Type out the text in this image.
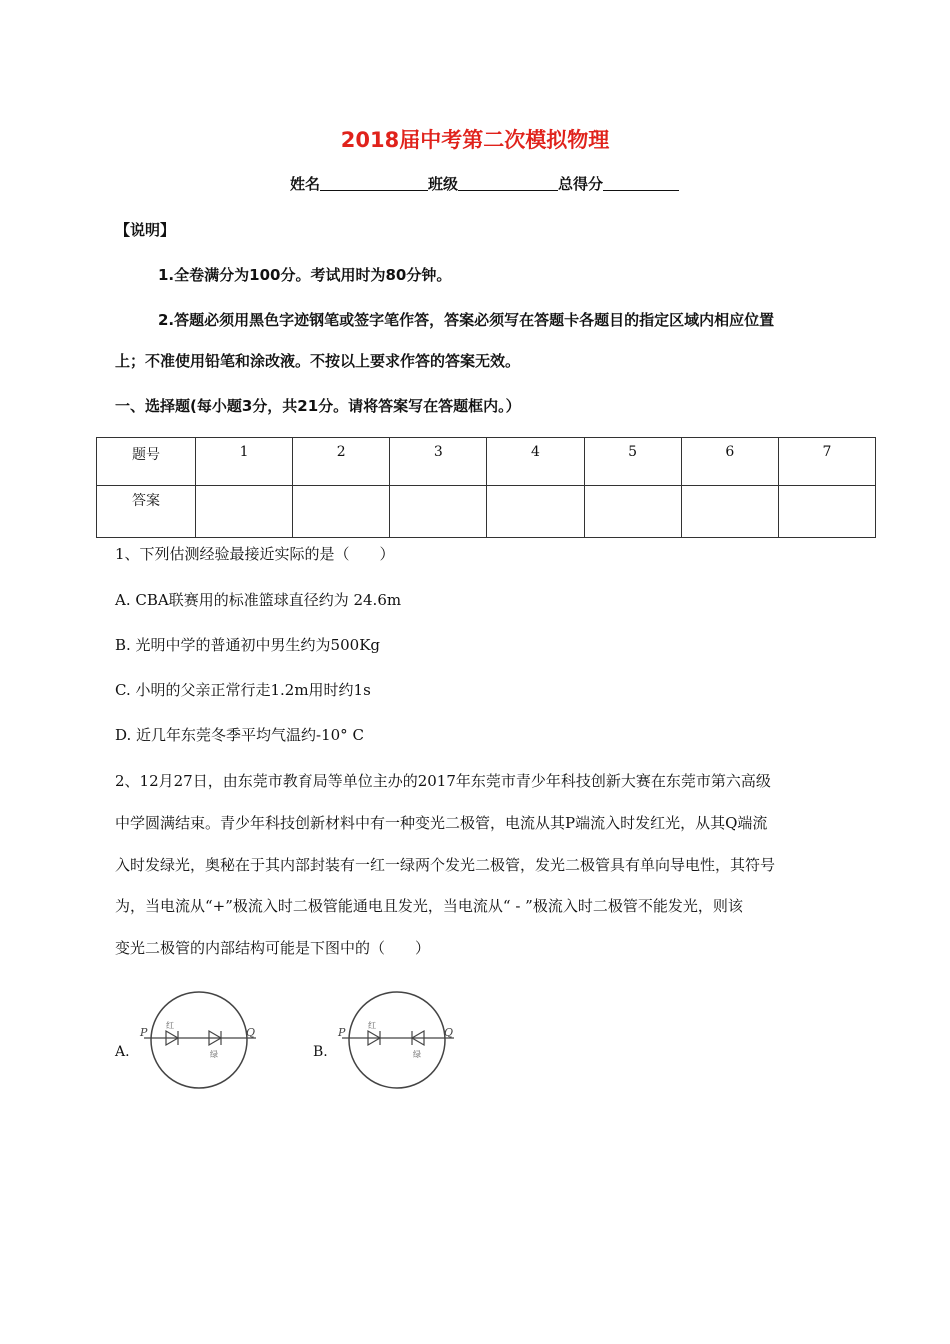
2018届中考第二次模拟物理
姓名	班级	总得分
【说明】
1.全卷满分为100分。考试用时为80分钟。
2.答题必须用黑色字迹钢笔或签字笔作答，答案必须写在答题卡各题目的指定区域内相应位置
上；不准使用铅笔和涂改液。不按以上要求作答的答案无效。
一、选择题(每小题3分，共21分。请将答案写在答题框内。）
题号	1	2	3	4	5	6	7
答案							
1、下列估测经验最接近实际的是（　　）
A. CBA联赛用的标准篮球直径约为 24.6m
B. 光明中学的普通初中男生约为500Kg
C. 小明的父亲正常行走1.2m用时约1s
D. 近几年东莞冬季平均气温约-10° C
2、12月27日，由东莞市教育局等单位主办的2017年东莞市青少年科技创新大赛在东莞市第六高级
中学圆满结束。青少年科技创新材料中有一种变光二极管，电流从其P端流入时发红光，从其Q端流
入时发绿光，奥秘在于其内部封装有一红一绿两个发光二极管，发光二极管具有单向导电性，其符号
为，当电流从“+”极流入时二极管能通电且发光，当电流从“ - ”极流入时二极管不能发光，则该
变光二极管的内部结构可能是下图中的（　　）
A.
P	Q
红
绿	B.
P	Q
红
绿
